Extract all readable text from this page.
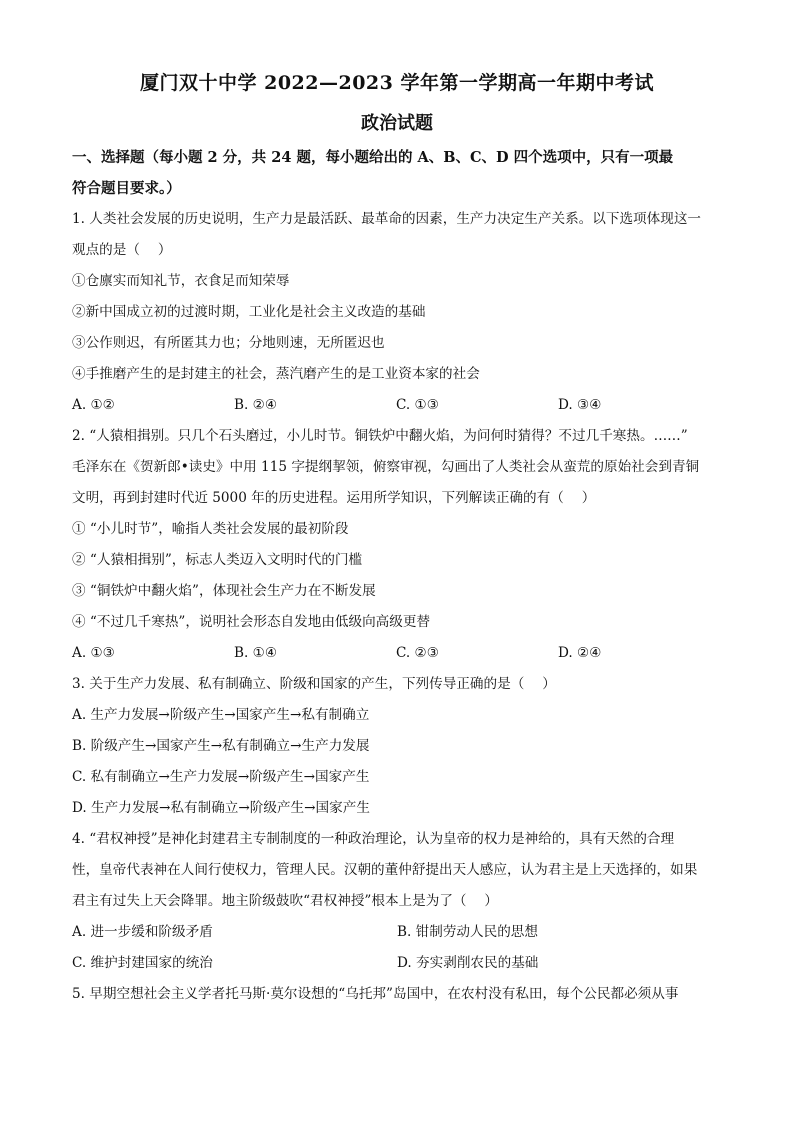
厦门双十中学 2022—2023 学年第一学期高一年期中考试
政治试题

一、选择题（每小题 2 分，共 24 题，每小题给出的 A、B、C、D 四个选项中，只有一项最

符合题目要求。）

1. 人类社会发展的历史说明，生产力是最活跃、最革命的因素，生产力决定生产关系。以下选项体现这一

观点的是（　 ）

①仓廪实而知礼节，衣食足而知荣辱

②新中国成立初的过渡时期，工业化是社会主义改造的基础

③公作则迟，有所匿其力也；分地则速，无所匿迟也

④手推磨产生的是封建主的社会，蒸汽磨产生的是工业资本家的社会

A. ①②	B. ②④	C. ①③	D. ③④

2. “人猿相揖别。只几个石头磨过，小儿时节。铜铁炉中翻火焰，为问何时猜得？不过几千寒热。……”

毛泽东在《贺新郎•读史》中用 115 字提纲挈领，俯察审视，勾画出了人类社会从蛮荒的原始社会到青铜

文明，再到封建时代近 5000 年的历史进程。运用所学知识，下列解读正确的有（　 ）

① “小儿时节”，喻指人类社会发展的最初阶段

② “人猿相揖别”，标志人类迈入文明时代的门槛

③ “铜铁炉中翻火焰”，体现社会生产力在不断发展

④ “不过几千寒热”，说明社会形态自发地由低级向高级更替

A. ①③	B. ①④	C. ②③	D. ②④

3. 关于生产力发展、私有制确立、阶级和国家的产生，下列传导正确的是（　 ）

A. 生产力发展→阶级产生→国家产生→私有制确立

B. 阶级产生→国家产生→私有制确立→生产力发展

C. 私有制确立→生产力发展→阶级产生→国家产生

D. 生产力发展→私有制确立→阶级产生→国家产生

4. “君权神授”是神化封建君主专制制度的一种政治理论，认为皇帝的权力是神给的，具有天然的合理

性，皇帝代表神在人间行使权力，管理人民。汉朝的董仲舒提出天人感应，认为君主是上天选择的，如果

君主有过失上天会降罪。地主阶级鼓吹“君权神授”根本上是为了（　 ）

A. 进一步缓和阶级矛盾	B. 钳制劳动人民的思想
C. 维护封建国家的统治	D. 夯实剥削农民的基础

5. 早期空想社会主义学者托马斯·莫尔设想的“乌托邦”岛国中，在农村没有私田，每个公民都必须从事
